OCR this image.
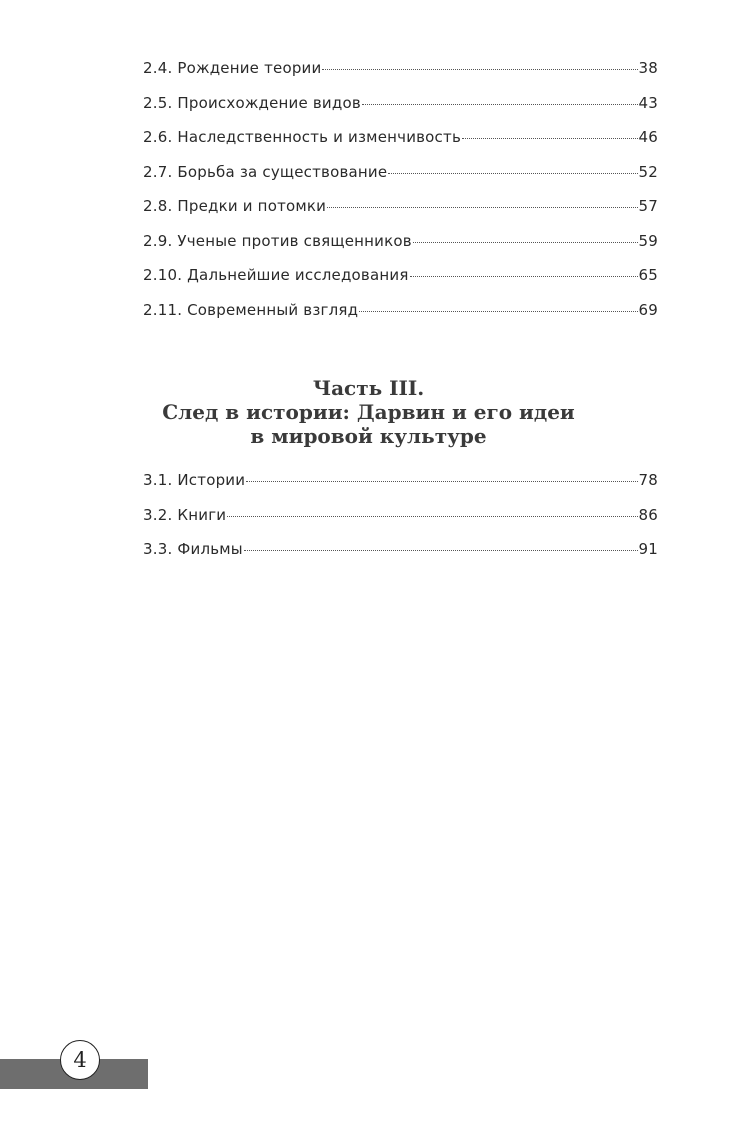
2.4. Рождение теории	38
2.5. Происхождение видов	43
2.6. Наследственность и изменчивость	46
2.7. Борьба за существование	52
2.8. Предки и потомки	57
2.9. Ученые против священников	59
2.10. Дальнейшие исследования	65
2.11. Современный взгляд	69
Часть III.
След в истории: Дарвин и его идеи
в мировой культуре
3.1. Истории	78
3.2. Книги	86
3.3. Фильмы	91
4
